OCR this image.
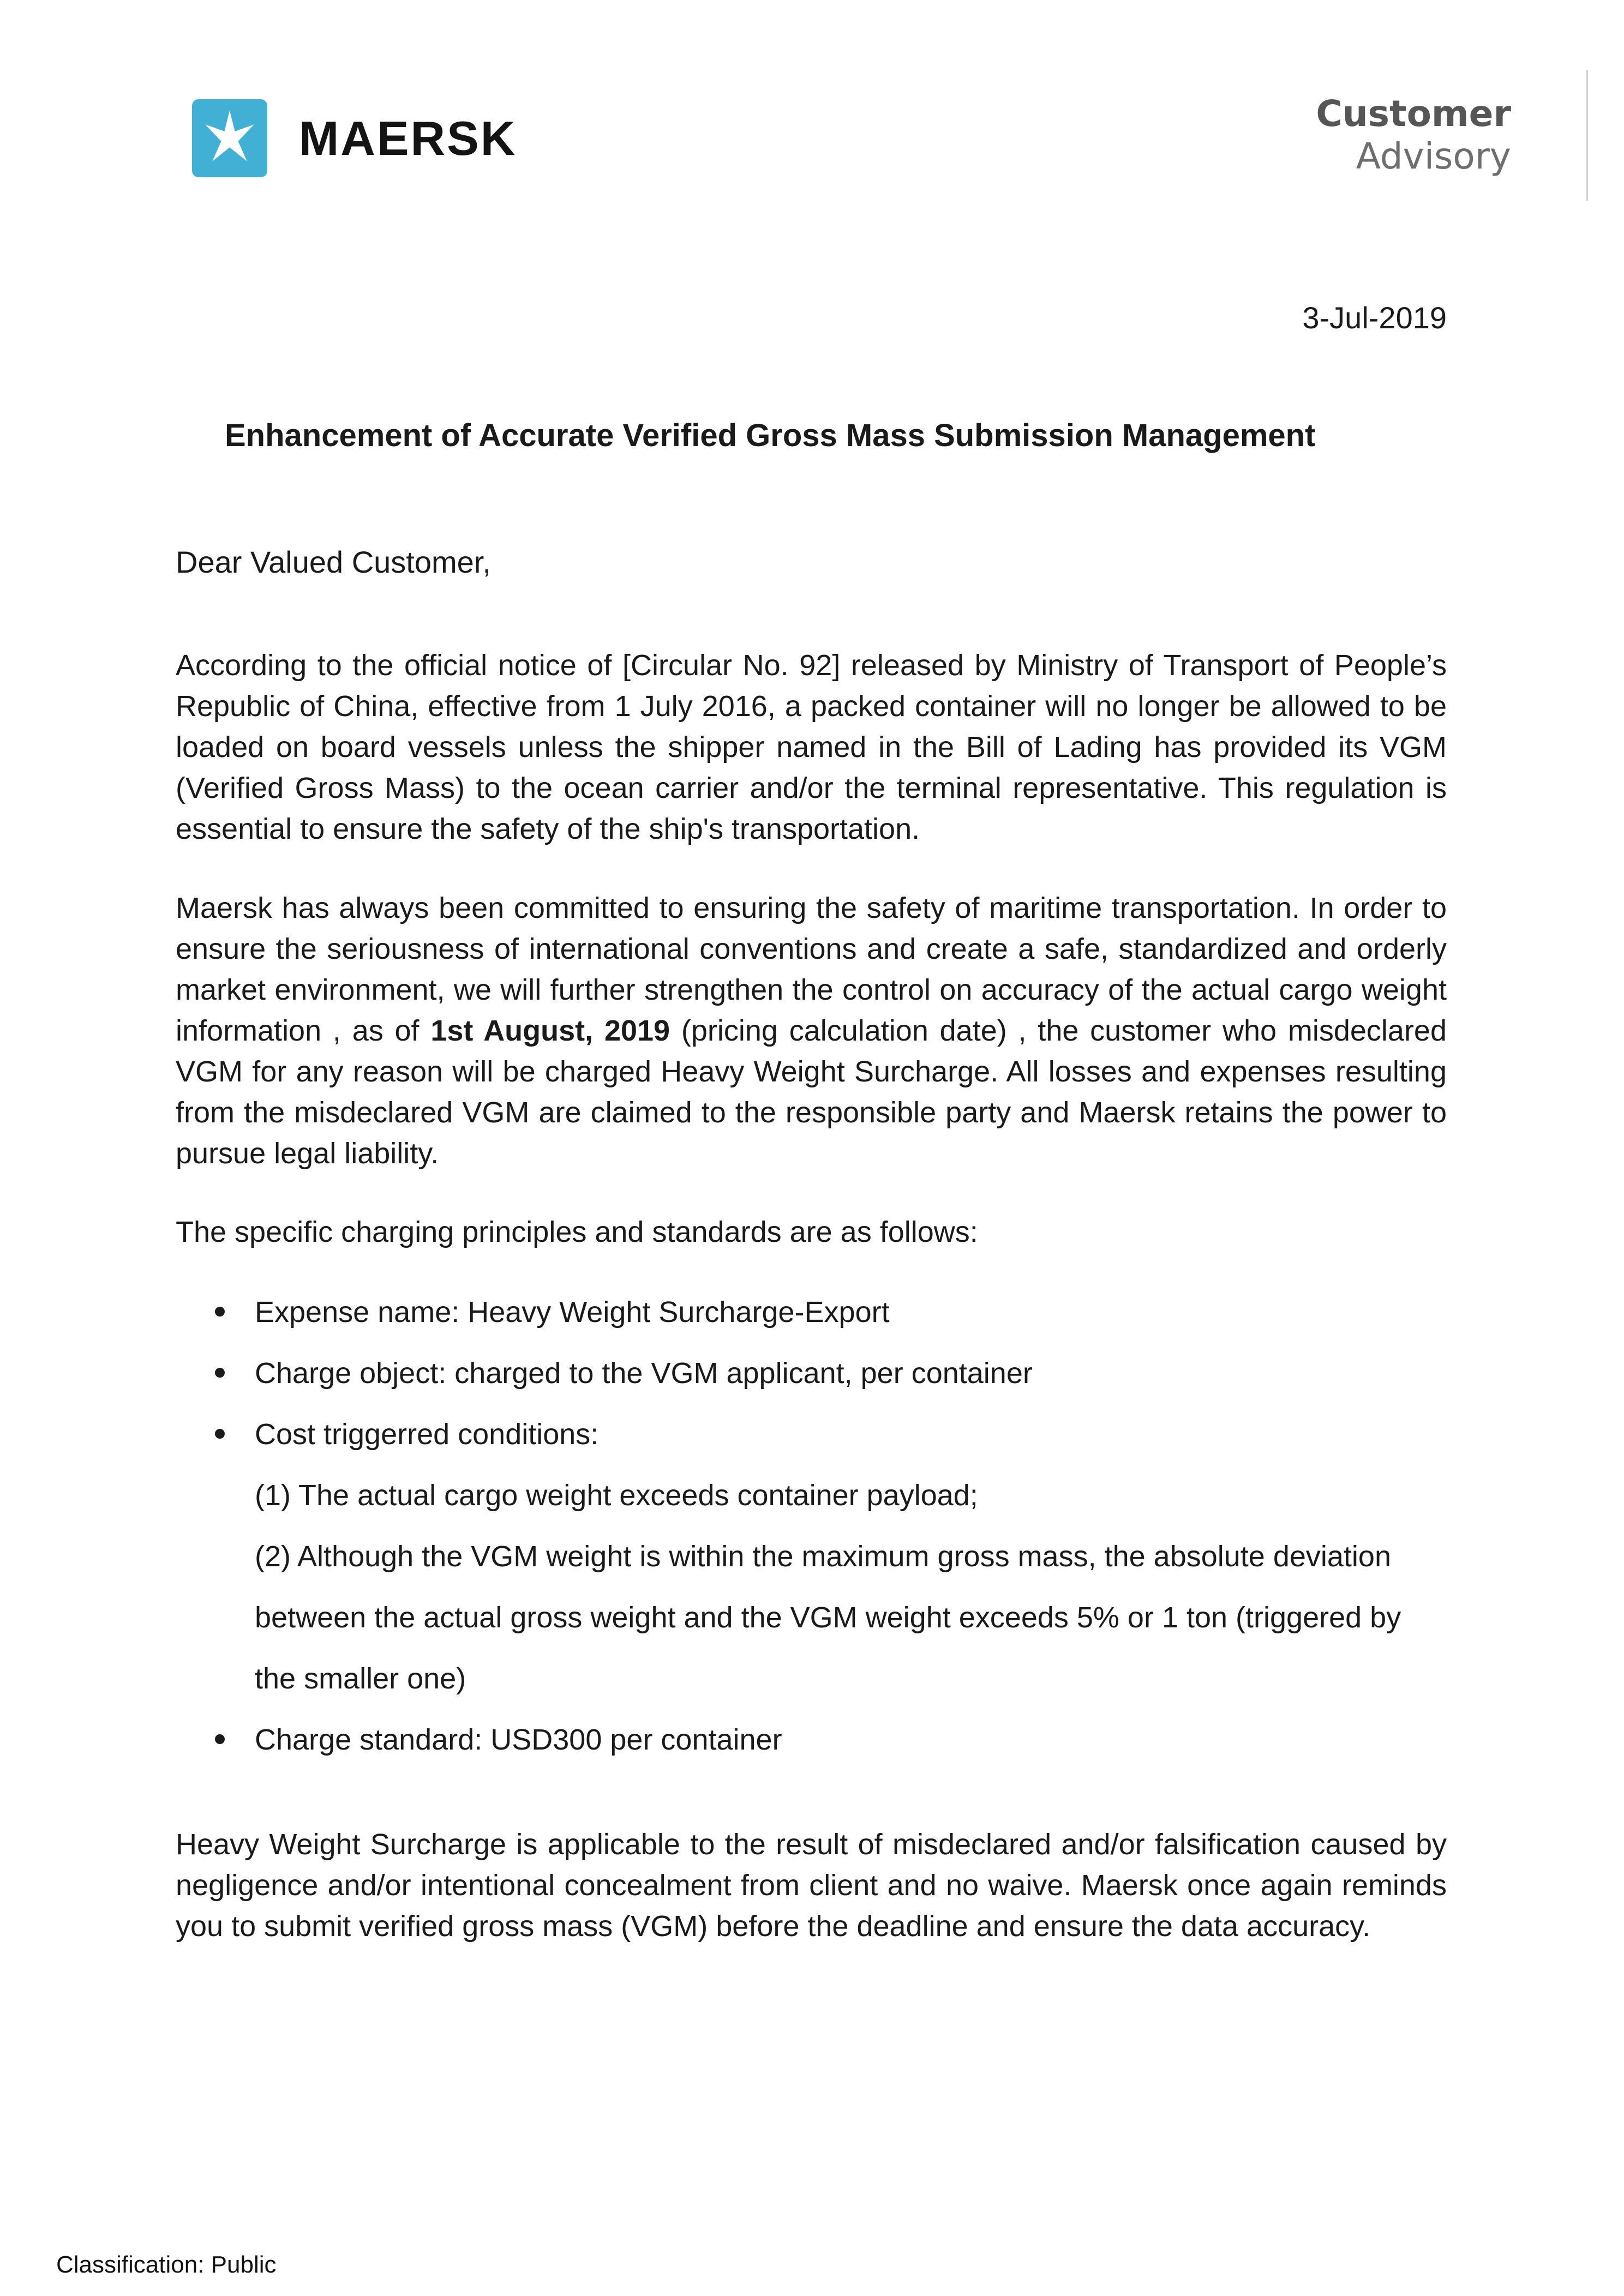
MAERSK	Customer
Advisory
3-Jul-2019
Enhancement of Accurate Verified Gross Mass Submission Management
Dear Valued Customer,

According to the official notice of [Circular No. 92] released by Ministry of Transport of People’s Republic of China, effective from 1 July 2016, a packed container will no longer be allowed to be loaded on board vessels unless the shipper named in the Bill of Lading has provided its VGM (Verified Gross Mass) to the ocean carrier and/or the terminal representative. This regulation is essential to ensure the safety of the ship's transportation.

Maersk has always been committed to ensuring the safety of maritime transportation. In order to ensure the seriousness of international conventions and create a safe, standardized and orderly market environment, we will further strengthen the control on accuracy of the actual cargo weight information , as of 1st August, 2019 (pricing calculation date) , the customer who misdeclared VGM for any reason will be charged Heavy Weight Surcharge. All losses and expenses resulting from the misdeclared VGM are claimed to the responsible party and Maersk retains the power to pursue legal liability.

The specific charging principles and standards are as follows:

Expense name: Heavy Weight Surcharge-Export
Charge object: charged to the VGM applicant, per container
Cost triggerred conditions:
(1) The actual cargo weight exceeds container payload;
(2) Although the VGM weight is within the maximum gross mass, the absolute deviation
between the actual gross weight and the VGM weight exceeds 5% or 1 ton (triggered by
the smaller one)
Charge standard: USD300 per container

Heavy Weight Surcharge is applicable to the result of misdeclared and/or falsification caused by negligence and/or intentional concealment from client and no waive. Maersk once again reminds you to submit verified gross mass (VGM) before the deadline and ensure the data accuracy.

Classification: Public
